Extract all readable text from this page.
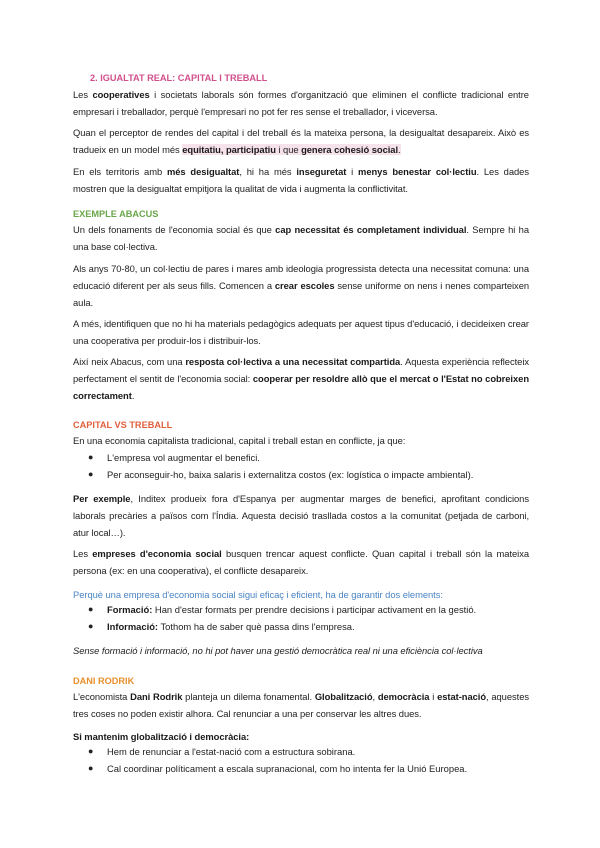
2. IGUALTAT REAL: CAPITAL I TREBALL

Les cooperatives i societats laborals són formes d'organització que eliminen el conflicte tradicional entre empresari i treballador, perquè l'empresari no pot fer res sense el treballador, i viceversa.

Quan el perceptor de rendes del capital i del treball és la mateixa persona, la desigualtat desapareix. Això es tradueix en un model més equitatiu, participatiu i que genera cohesió social.

En els territoris amb més desigualtat, hi ha més inseguretat i menys benestar col·lectiu. Les dades mostren que la desigualtat empitjora la qualitat de vida i augmenta la conflictivitat.

EXEMPLE ABACUS

Un dels fonaments de l'economia social és que cap necessitat és completament individual. Sempre hi ha una base col·lectiva.

Als anys 70-80, un col·lectiu de pares i mares amb ideologia progressista detecta una necessitat comuna: una educació diferent per als seus fills. Comencen a crear escoles sense uniforme on nens i nenes comparteixen aula.

A més, identifiquen que no hi ha materials pedagògics adequats per aquest tipus d'educació, i decideixen crear una cooperativa per produir-los i distribuir-los.

Així neix Abacus, com una resposta col·lectiva a una necessitat compartida. Aquesta experiència reflecteix perfectament el sentit de l'economia social: cooperar per resoldre allò que el mercat o l'Estat no cobreixen correctament.

CAPITAL VS TREBALL

En una economia capitalista tradicional, capital i treball estan en conflicte, ja que:

● L'empresa vol augmentar el benefici.
● Per aconseguir-ho, baixa salaris i externalitza costos (ex: logística o impacte ambiental).

Per exemple, Inditex produeix fora d'Espanya per augmentar marges de benefici, aprofitant condicions laborals precàries a països com l'Índia. Aquesta decisió trasllada costos a la comunitat (petjada de carboni, atur local…).

Les empreses d'economia social busquen trencar aquest conflicte. Quan capital i treball són la mateixa persona (ex: en una cooperativa), el conflicte desapareix.

Perquè una empresa d'economia social sigui eficaç i eficient, ha de garantir dos elements:

● Formació: Han d'estar formats per prendre decisions i participar activament en la gestió.
● Informació: Tothom ha de saber què passa dins l'empresa.

Sense formació i informació, no hi pot haver una gestió democràtica real ni una eficiència col·lectiva

DANI RODRIK

L'economista Dani Rodrik planteja un dilema fonamental. Globalització, democràcia i estat-nació, aquestes tres coses no poden existir alhora. Cal renunciar a una per conservar les altres dues.

Si mantenim globalització i democràcia:

● Hem de renunciar a l'estat-nació com a estructura sobirana.
● Cal coordinar políticament a escala supranacional, com ho intenta fer la Unió Europea.
